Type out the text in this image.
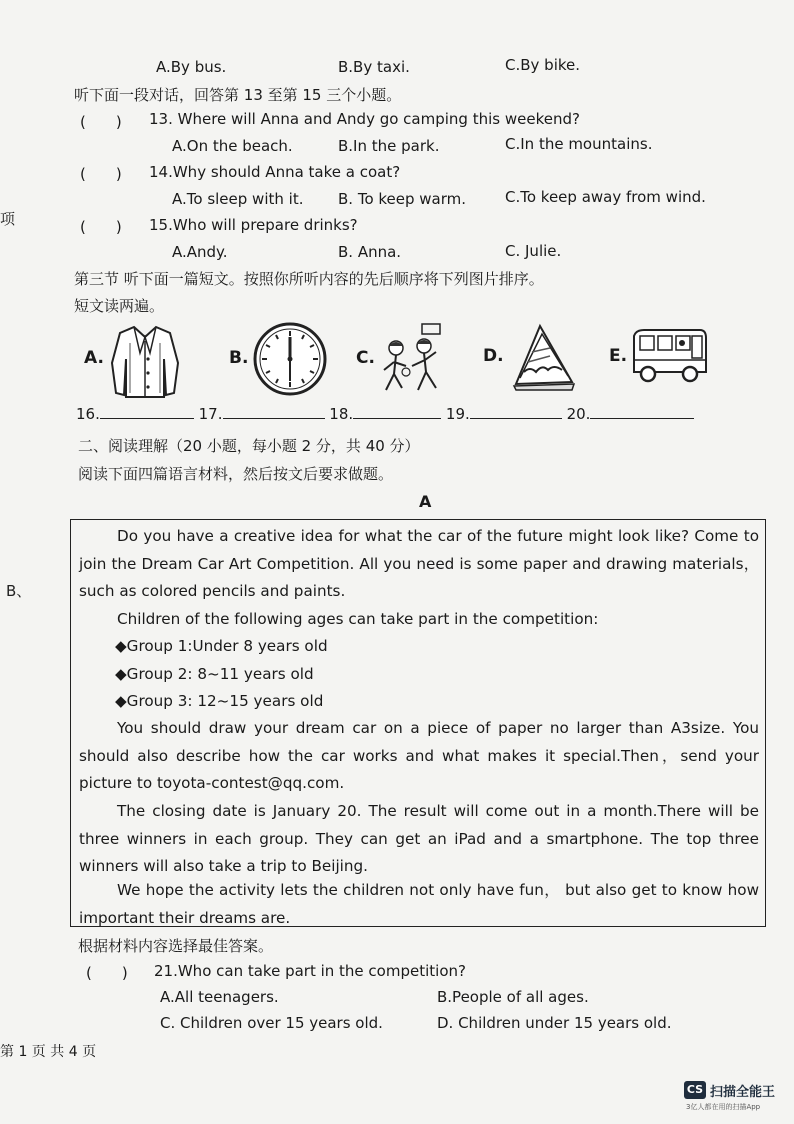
A.By bus.	B.By taxi.	C.By bike.
听下面一段对话，回答第 13 至第 15 三个小题。
(　　) 13. Where will Anna and Andy go camping this weekend?
A.On the beach.	B.In the park.	C.In the mountains.
(　　) 14.Why should Anna take a coat?
A.To sleep with it. B. To keep warm.	C.To keep away from wind.
项	(　　) 15.Who will prepare drinks?
A.Andy.	B. Anna.	C. Julie.
第三节 听下面一篇短文。按照你所听内容的先后顺序将下列图片排序。
短文读两遍。
A.	B.	C.	D.	E.
16.	17.	18.	19.	20.
二、阅读理解（20 小题，每小题 2 分，共 40 分）
阅读下面四篇语言材料，然后按文后要求做题。
A
B、
Do you have a creative idea for what the car of the future might look like? Come to join the Dream Car Art Competition. All you need is some paper and drawing materials，such as colored pencils and paints.
Children of the following ages can take part in the competition:
◆Group 1:Under 8 years old
◆Group 2: 8~11 years old
◆Group 3: 12~15 years old
You should draw your dream car on a piece of paper no larger than A3size. You should also describe how the car works and what makes it special.Then，send your picture to toyota-contest@qq.com.
The closing date is January 20. The result will come out in a month.There will be three winners in each group. They can get an iPad and a smartphone. The top three winners will also take a trip to Beijing.
We hope the activity lets the children not only have fun， but also get to know how important their dreams are.
根据材料内容选择最佳答案。
(　　) 21.Who can take part in the competition?
A.All teenagers.	B.People of all ages.
C. Children over 15 years old.	D. Children under 15 years old.
第 1 页 共 4 页
CS 扫描全能王
3亿人都在用的扫描App
